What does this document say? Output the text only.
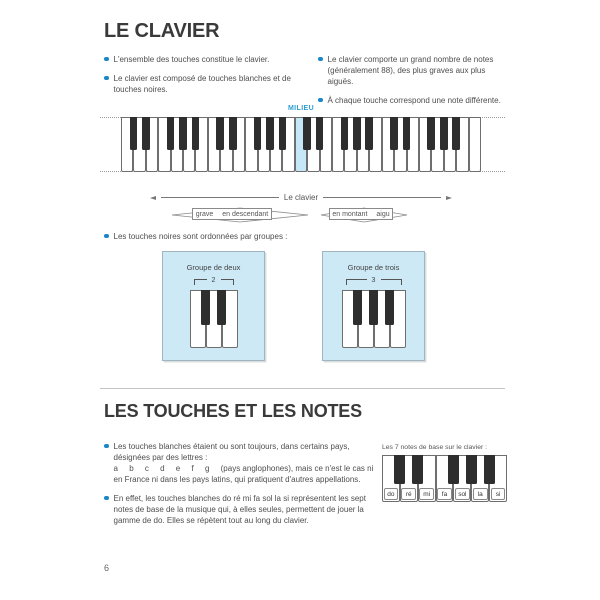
LE CLAVIER
L'ensemble des touches constitue le clavier.
Le clavier est composé de touches blanches et de touches noires.
Le clavier comporte un grand nombre de notes (généralement 88), des plus graves aux plus aiguës.
À chaque touche correspond une note différente.
MILIEU
Le clavier
grave en descendant	en montant aigu
Les touches noires sont ordonnées par groupes :
Groupe de deux
2
Groupe de trois
3
LES TOUCHES ET LES NOTES
Les touches blanches étaient ou sont toujours, dans certains pays, désignées par des lettres :
a b c d e f g (pays anglophones), mais ce n'est le cas ni en France ni dans les pays latins, qui pratiquent d'autres appellations.
En effet, les touches blanches do ré mi fa sol la si représentent les sept notes de base de la musique qui, à elles seules, permettent de jouer la gamme de do. Elles se répètent tout au long du clavier.
Les 7 notes de base sur le clavier :
do	ré	mi	fa	sol	la	si
6
